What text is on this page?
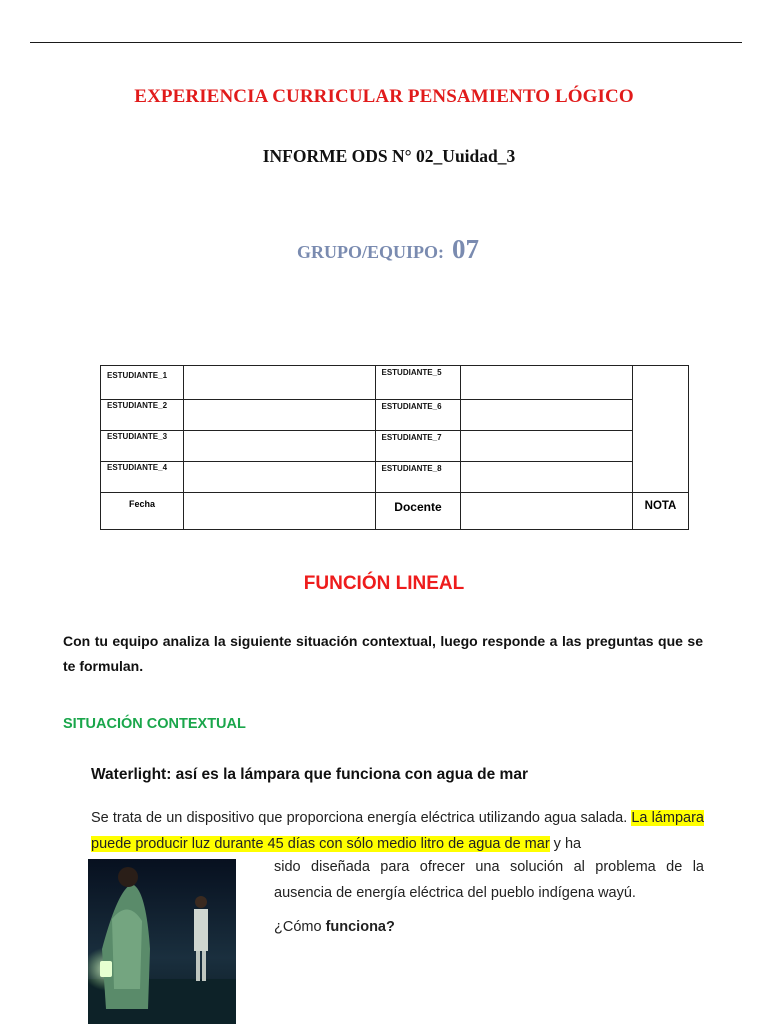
EXPERIENCIA CURRICULAR PENSAMIENTO LÓGICO
INFORME ODS N° 02_Uuidad_3
GRUPO/EQUIPO: 07
ESTUDIANTE_1		ESTUDIANTE_5		
ESTUDIANTE_2		ESTUDIANTE_6		
ESTUDIANTE_3		ESTUDIANTE_7		
ESTUDIANTE_4		ESTUDIANTE_8		
Fecha		Docente		NOTA
FUNCIÓN LINEAL
Con tu equipo analiza la siguiente situación contextual, luego responde a las preguntas que se te formulan.
SITUACIÓN CONTEXTUAL
Waterlight: así es la lámpara que funciona con agua de mar
Se trata de un dispositivo que proporciona energía eléctrica utilizando agua salada. La lámpara puede producir luz durante 45 días con sólo medio litro de agua de mar y ha
sido diseñada para ofrecer una solución al problema de la ausencia de energía eléctrica del pueblo indígena wayú.
¿Cómo funciona?
